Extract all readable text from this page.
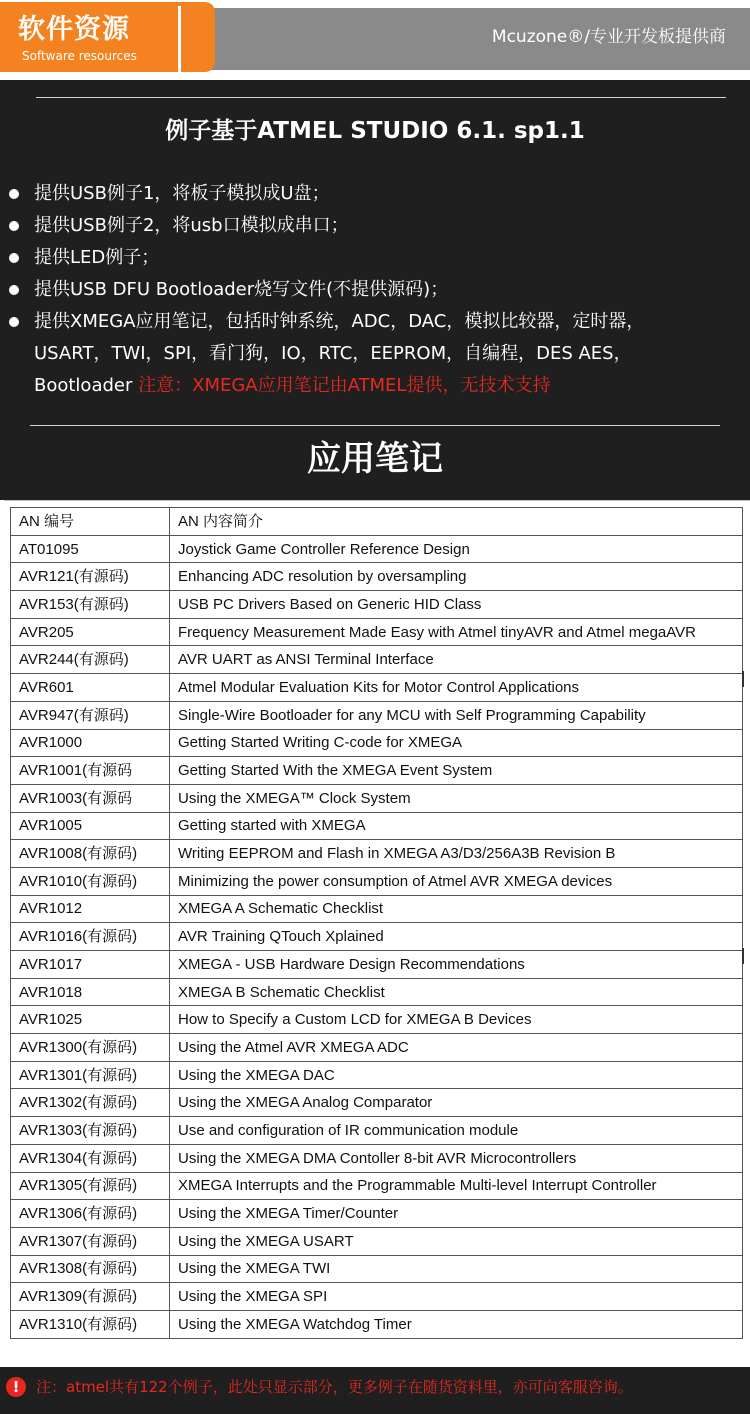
软件资源
Software resources
Mcuzone®/专业开发板提供商
例子基于ATMEL STUDIO 6.1. sp1.1
提供USB例子1，将板子模拟成U盘；
提供USB例子2，将usb口模拟成串口；
提供LED例子；
提供USB DFU Bootloader烧写文件(不提供源码)；
提供XMEGA应用笔记，包括时钟系统，ADC，DAC，模拟比较器，定时器，USART，TWI，SPI，看门狗，IO，RTC，EEPROM，自编程，DES AES，Bootloader 注意：XMEGA应用笔记由ATMEL提供，无技术支持
应用笔记
AN 编号	AN 内容简介
AT01095	Joystick Game Controller Reference Design
AVR121(有源码)	Enhancing ADC resolution by oversampling
AVR153(有源码)	USB PC Drivers Based on Generic HID Class
AVR205	Frequency Measurement Made Easy with Atmel tinyAVR and Atmel megaAVR
AVR244(有源码)	AVR UART as ANSI Terminal Interface
AVR601	Atmel Modular Evaluation Kits for Motor Control Applications
AVR947(有源码)	Single-Wire Bootloader for any MCU with Self Programming Capability
AVR1000	Getting Started Writing C-code for XMEGA
AVR1001(有源码	Getting Started With the XMEGA Event System
AVR1003(有源码	Using the XMEGA™ Clock System
AVR1005	Getting started with XMEGA
AVR1008(有源码)	Writing EEPROM and Flash in XMEGA A3/D3/256A3B Revision B
AVR1010(有源码)	Minimizing the power consumption of Atmel AVR XMEGA devices
AVR1012	XMEGA A Schematic Checklist
AVR1016(有源码)	AVR Training QTouch Xplained
AVR1017	XMEGA - USB Hardware Design Recommendations
AVR1018	XMEGA B Schematic Checklist
AVR1025	How to Specify a Custom LCD for XMEGA B Devices
AVR1300(有源码)	Using the Atmel AVR XMEGA ADC
AVR1301(有源码)	Using the XMEGA DAC
AVR1302(有源码)	Using the XMEGA Analog Comparator
AVR1303(有源码)	Use and configuration of IR communication module
AVR1304(有源码)	Using the XMEGA DMA Contoller 8-bit AVR Microcontrollers
AVR1305(有源码)	XMEGA Interrupts and the Programmable Multi-level Interrupt Controller
AVR1306(有源码)	Using the XMEGA Timer/Counter
AVR1307(有源码)	Using the XMEGA USART
AVR1308(有源码)	Using the XMEGA TWI
AVR1309(有源码)	Using the XMEGA SPI
AVR1310(有源码)	Using the XMEGA Watchdog Timer
!	注：atmel共有122个例子，此处只显示部分，更多例子在随货资料里，亦可向客服咨询。
